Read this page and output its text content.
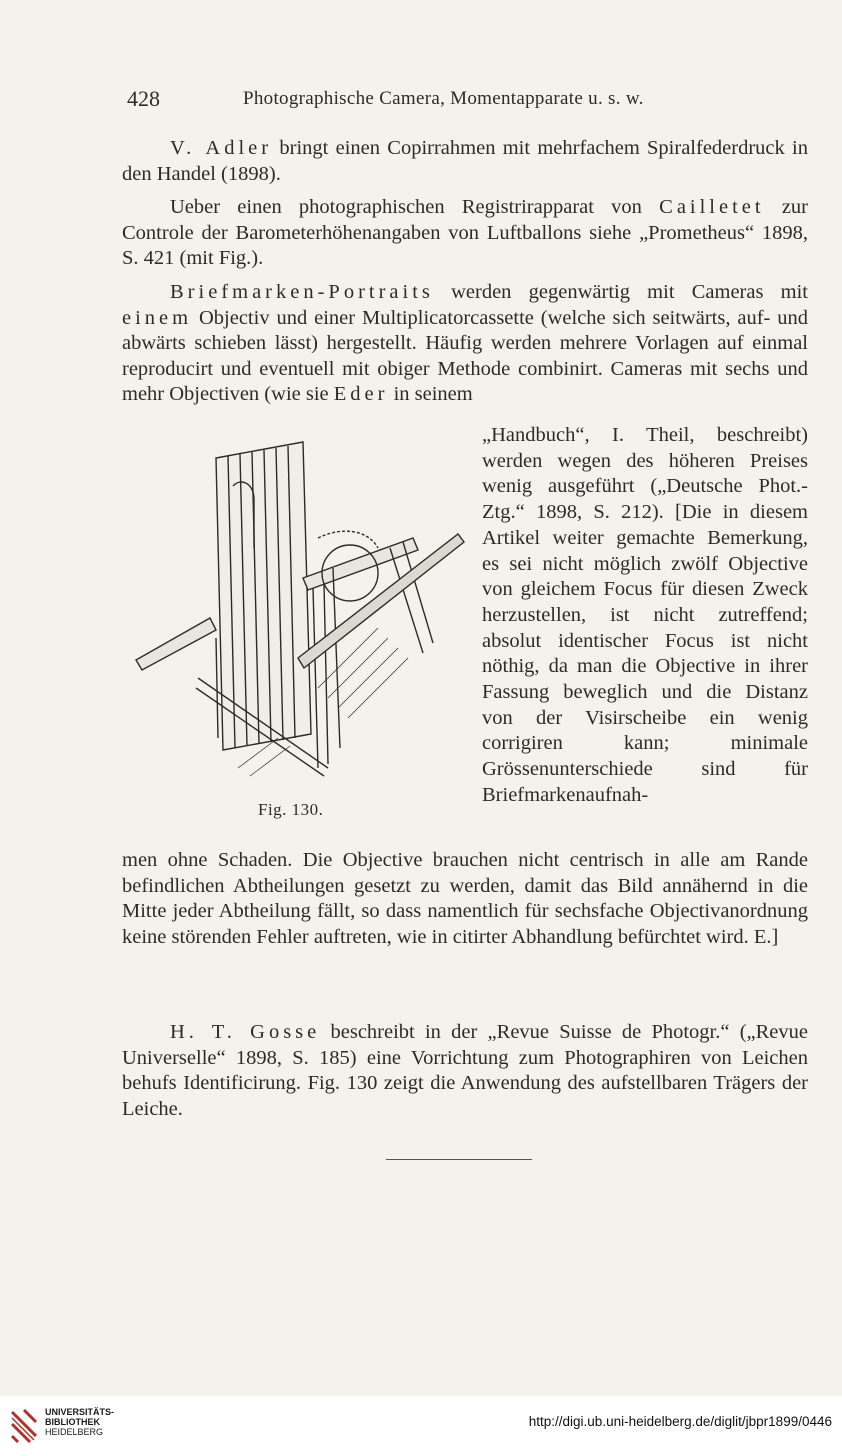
428	Photographische Camera, Momentapparate u. s. w.

V. Adler bringt einen Copirrahmen mit mehrfachem Spiralfederdruck in den Handel (1898).

Ueber einen photographischen Registrirapparat von Cailletet zur Controle der Barometerhöhenangaben von Luftballons siehe „Prometheus“ 1898, S. 421 (mit Fig.).

Briefmarken-Portraits werden gegenwärtig mit Cameras mit einem Objectiv und einer Multiplicatorcassette (welche sich seitwärts, auf- und abwärts schieben lässt) hergestellt. Häufig werden mehrere Vorlagen auf einmal reproducirt und eventuell mit obiger Methode combinirt. Cameras mit sechs und mehr Objectiven (wie sie Eder in seinem

„Handbuch“, I. Theil, beschreibt) werden wegen des höheren Preises wenig ausgeführt („Deutsche Phot.-Ztg.“ 1898, S. 212). [Die in diesem Artikel weiter gemachte Bemerkung, es sei nicht möglich zwölf Objective von gleichem Focus für diesen Zweck herzustellen, ist nicht zutreffend; absolut identischer Focus ist nicht nöthig, da man die Objective in ihrer Fassung beweglich und die Distanz von der Visirscheibe ein wenig corrigiren kann; minimale Grössenunterschiede sind für Briefmarkenaufnah-

men ohne Schaden. Die Objective brauchen nicht centrisch in alle am Rande befindlichen Abtheilungen gesetzt zu werden, damit das Bild annähernd in die Mitte jeder Abtheilung fällt, so dass namentlich für sechsfache Objectivanordnung keine störenden Fehler auftreten, wie in citirter Abhandlung befürchtet wird. E.]

H. T. Gosse beschreibt in der „Revue Suisse de Photogr.“ („Revue Universelle“ 1898, S. 185) eine Vorrichtung zum Photographiren von Leichen behufs Identificirung. Fig. 130 zeigt die Anwendung des aufstellbaren Trägers der Leiche.

Fig. 130.
UNIVERSITÄTS-
BIBLIOTHEK
HEIDELBERG
http://digi.ub.uni-heidelberg.de/diglit/jbpr1899/0446
